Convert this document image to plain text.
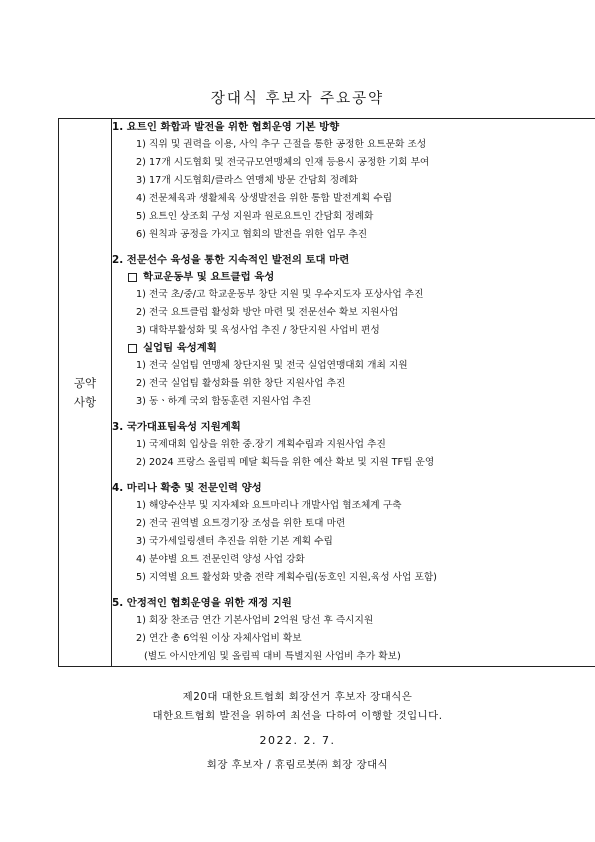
장대식 후보자 주요공약
공약
사항

1. 요트인 화합과 발전을 위한 협회운영 기본 방향
1) 직위 및 권력을 이용, 사익 추구 근절을 통한 공정한 요트문화 조성
2) 17개 시도협회 및 전국규모연맹체의 인재 등용시 공정한 기회 부여
3) 17개 시도협회/클라스 연맹체 방문 간담회 정례화
4) 전문체육과 생활체육 상생발전을 위한 통합 발전계획 수립
5) 요트인 상조회 구성 지원과 원로요트인 간담회 정례화
6) 원칙과 공정을 가지고 협회의 발전을 위한 업무 추진
2. 전문선수 육성을 통한 지속적인 발전의 토대 마련
학교운동부 및 요트클럽 육성
1) 전국 초/중/고 학교운동부 창단 지원 및 우수지도자 포상사업 추진
2) 전국 요트클럽 활성화 방안 마련 및 전문선수 확보 지원사업
3) 대학부활성화 및 육성사업 추진 / 창단지원 사업비 편성
실업팀 육성계획
1) 전국 실업팀 연맹체 창단지원 및 전국 실업연맹대회 개최 지원
2) 전국 실업팀 활성화를 위한 창단 지원사업 추진
3) 동ㆍ하계 국외 합동훈련 지원사업 추진
3. 국가대표팀육성 지원계획
1) 국제대회 입상을 위한 중.장기 계획수립과 지원사업 추진
2) 2024 프랑스 올림픽 메달 획득을 위한 예산 확보 및 지원 TF팀 운영
4. 마리나 확충 및 전문인력 양성
1) 해양수산부 및 지자체와 요트마리나 개발사업 협조체계 구축
2) 전국 권역별 요트경기장 조성을 위한 토대 마련
3) 국가세일링센터 추진을 위한 기본 계획 수립
4) 분야별 요트 전문인력 양성 사업 강화
5) 지역별 요트 활성화 맞춤 전략 계획수립(동호인 지원,육성 사업 포함)
5. 안정적인 협회운영을 위한 재정 지원
1) 회장 찬조금 연간 기본사업비 2억원 당선 후 즉시지원
2) 연간 총 6억원 이상 자체사업비 확보
(별도 아시안게임 및 올림픽 대비 특별지원 사업비 추가 확보)
제20대 대한요트협회 회장선거 후보자 장대식은
대한요트협회 발전을 위하여 최선을 다하여 이행할 것입니다.
2022. 2. 7.
회장 후보자 / 휴림로봇㈜ 회장 장대식
